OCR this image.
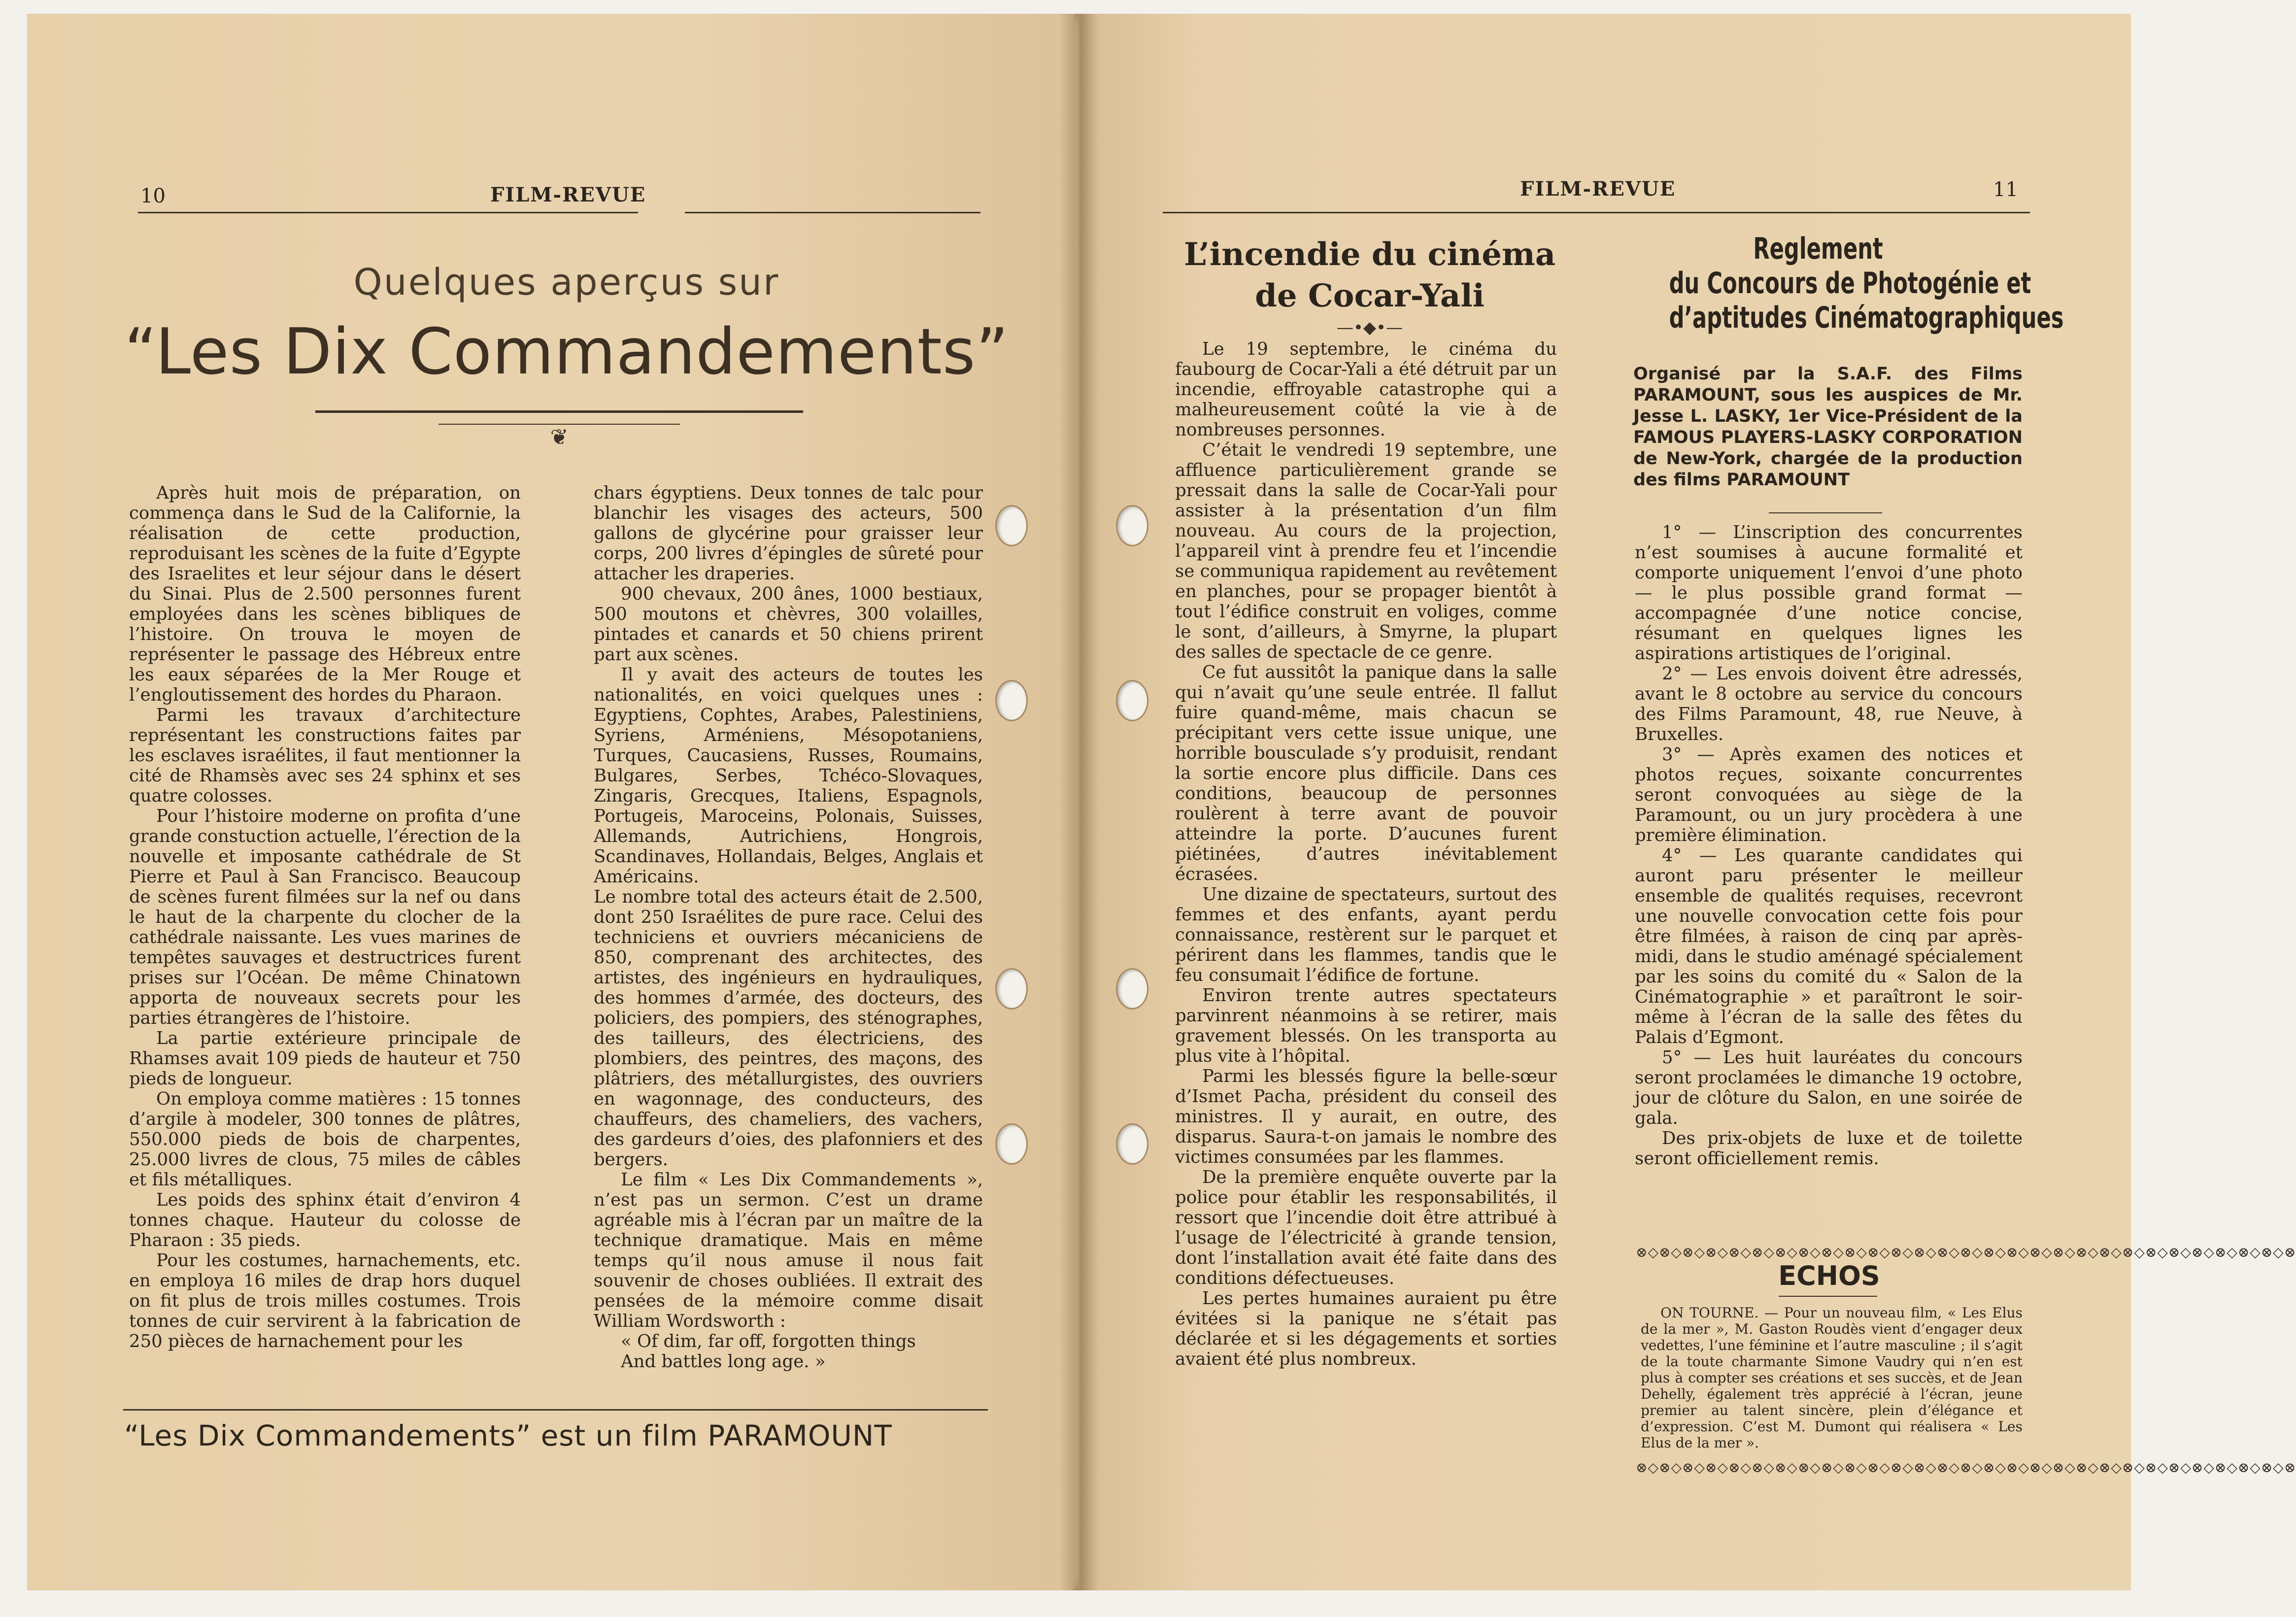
10	FILM-REVUE
Quelques aperçus sur
“Les Dix Commandements”
❦

Après huit mois de préparation, on commença dans le Sud de la Californie, la réalisation de cette production, reproduisant les scènes de la fuite d’Egypte des Israelites et leur séjour dans le désert du Sinai. Plus de 2.500 personnes furent employées dans les scènes bibliques de l’histoire. On trouva le moyen de représenter le passage des Hébreux entre les eaux séparées de la Mer Rouge et l’engloutissement des hordes du Pharaon.

Parmi les travaux d’architecture représentant les constructions faites par les esclaves israélites, il faut mentionner la cité de Rhamsès avec ses 24 sphinx et ses quatre colosses.

Pour l’histoire moderne on profita d’une grande constuction actuelle, l’érection de la nouvelle et imposante cathédrale de St Pierre et Paul à San Francisco. Beaucoup de scènes furent filmées sur la nef ou dans le haut de la charpente du clocher de la cathédrale naissante. Les vues marines de tempêtes sauvages et destructrices furent prises sur l’Océan. De même Chinatown apporta de nouveaux secrets pour les parties étrangères de l’histoire.

La partie extérieure principale de Rhamses avait 109 pieds de hauteur et 750 pieds de longueur.

On employa comme matières : 15 tonnes d’argile à modeler, 300 tonnes de plâtres, 550.000 pieds de bois de charpentes, 25.000 livres de clous, 75 miles de câbles et fils métalliques.

Les poids des sphinx était d’environ 4 tonnes chaque. Hauteur du colosse de Pharaon : 35 pieds.

Pour les costumes, harnachements, etc. en employa 16 miles de drap hors duquel on fit plus de trois milles costumes. Trois tonnes de cuir servirent à la fabrication de 250 pièces de harnachement pour les

chars égyptiens. Deux tonnes de talc pour blanchir les visages des acteurs, 500 gallons de glycérine pour graisser leur corps, 200 livres d’épingles de sûreté pour attacher les draperies.

900 chevaux, 200 ânes, 1000 bestiaux, 500 moutons et chèvres, 300 volailles, pintades et canards et 50 chiens prirent part aux scènes.

Il y avait des acteurs de toutes les nationalités, en voici quelques unes : Egyptiens, Cophtes, Arabes, Palestiniens, Syriens, Arméniens, Mésopotaniens, Turques, Caucasiens, Russes, Roumains, Bulgares, Serbes, Tchéco-Slovaques, Zingaris, Grecques, Italiens, Espagnols, Portugeis, Maroceins, Polonais, Suisses, Allemands, Autrichiens, Hongrois, Scandinaves, Hollandais, Belges, Anglais et Américains.

Le nombre total des acteurs était de 2.500, dont 250 Israélites de pure race. Celui des techniciens et ouvriers mécaniciens de 850, comprenant des architectes, des artistes, des ingénieurs en hydrauliques, des hommes d’armée, des docteurs, des policiers, des pompiers, des sténographes, des tailleurs, des électriciens, des plombiers, des peintres, des maçons, des plâtriers, des métallurgistes, des ouvriers en wagonnage, des conducteurs, des chauffeurs, des chameliers, des vachers, des gardeurs d’oies, des plafonniers et des bergers.

Le film « Les Dix Commandements », n’est pas un sermon. C’est un drame agréable mis à l’écran par un maître de la technique dramatique. Mais en même temps qu’il nous amuse il nous fait souvenir de choses oubliées. Il extrait des pensées de la mémoire comme disait William Wordsworth :

« Of dim, far off, forgotten things

And battles long age. »

“Les Dix Commandements” est un film PARAMOUNT
FILM-REVUE	11
L’incendie du cinéma
de Cocar-Yali
—•◆•—

Le 19 septembre, le cinéma du faubourg de Cocar-Yali a été détruit par un incendie, effroyable catastrophe qui a malheureusement coûté la vie à de nombreuses personnes.

C’était le vendredi 19 septembre, une affluence particulièrement grande se pressait dans la salle de Cocar-Yali pour assister à la présentation d’un film nouveau. Au cours de la projection, l’appareil vint à prendre feu et l’incendie se communiqua rapidement au revêtement en planches, pour se propager bientôt à tout l’édifice construit en voliges, comme le sont, d’ailleurs, à Smyrne, la plupart des salles de spectacle de ce genre.

Ce fut aussitôt la panique dans la salle qui n’avait qu’une seule entrée. Il fallut fuire quand-même, mais chacun se précipitant vers cette issue unique, une horrible bousculade s’y produisit, rendant la sortie encore plus difficile. Dans ces conditions, beaucoup de personnes roulèrent à terre avant de pouvoir atteindre la porte. D’aucunes furent piétinées, d’autres inévitablement écrasées.

Une dizaine de spectateurs, surtout des femmes et des enfants, ayant perdu connaissance, restèrent sur le parquet et périrent dans les flammes, tandis que le feu consumait l’édifice de fortune.

Environ trente autres spectateurs parvinrent néanmoins à se retirer, mais gravement blessés. On les transporta au plus vite à l’hôpital.

Parmi les blessés figure la belle-sœur d’Ismet Pacha, président du conseil des ministres. Il y aurait, en outre, des disparus. Saura-t-on jamais le nombre des victimes consumées par les flammes.

De la première enquête ouverte par la police pour établir les responsabilités, il ressort que l’incendie doit être attribué à l’usage de l’électricité à grande tension, dont l’installation avait été faite dans des conditions défectueuses.

Les pertes humaines auraient pu être évitées si la panique ne s’était pas déclarée et si les dégagements et sorties avaient été plus nombreux.

Reglement
du Concours de Photogénie et
d’aptitudes Cinématographiques
Organisé par la S.A.F. des Films PARAMOUNT, sous les auspices de Mr. Jesse L. LASKY, 1er Vice-Président de la FAMOUS PLAYERS-LASKY CORPORATION de New-York, chargée de la production des films PARAMOUNT

1° — L’inscription des concurrentes n’est soumises à aucune formalité et comporte uniquement l’envoi d’une photo — le plus possible grand format — accompagnée d’une notice concise, résumant en quelques lignes les aspirations artistiques de l’original.

2° — Les envois doivent être adressés, avant le 8 octobre au service du concours des Films Paramount, 48, rue Neuve, à Bruxelles.

3° — Après examen des notices et photos reçues, soixante concurrentes seront convoquées au siège de la Paramount, ou un jury procèdera à une première élimination.

4° — Les quarante candidates qui auront paru présenter le meilleur ensemble de qualités requises, recevront une nouvelle convocation cette fois pour être filmées, à raison de cinq par après-midi, dans le studio aménagé spécialement par les soins du comité du « Salon de la Cinématographie » et paraîtront le soir-même à l’écran de la salle des fêtes du Palais d’Egmont.

5° — Les huit lauréates du concours seront proclamées le dimanche 19 octobre, jour de clôture du Salon, en une soirée de gala.

Des prix-objets de luxe et de toilette seront officiellement remis.

⊗◇⊗◇⊗◇⊗◇⊗◇⊗◇⊗◇⊗◇⊗◇⊗◇⊗◇⊗◇⊗◇⊗◇⊗◇⊗◇⊗◇⊗◇⊗◇⊗◇⊗◇⊗◇⊗◇⊗◇⊗◇⊗◇⊗◇⊗◇⊗
ECHOS

ON TOURNE. — Pour un nouveau film, « Les Elus de la mer », M. Gaston Roudès vient d’engager deux vedettes, l’une féminine et l’autre masculine ; il s’agit de la toute charmante Simone Vaudry qui n’en est plus à compter ses créations et ses succès, et de Jean Dehelly, également très apprécié à l’écran, jeune premier au talent sincère, plein d’élégance et d’expression. C’est M. Dumont qui réalisera « Les Elus de la mer ».

⊗◇⊗◇⊗◇⊗◇⊗◇⊗◇⊗◇⊗◇⊗◇⊗◇⊗◇⊗◇⊗◇⊗◇⊗◇⊗◇⊗◇⊗◇⊗◇⊗◇⊗◇⊗◇⊗◇⊗◇⊗◇⊗◇⊗◇⊗◇⊗
